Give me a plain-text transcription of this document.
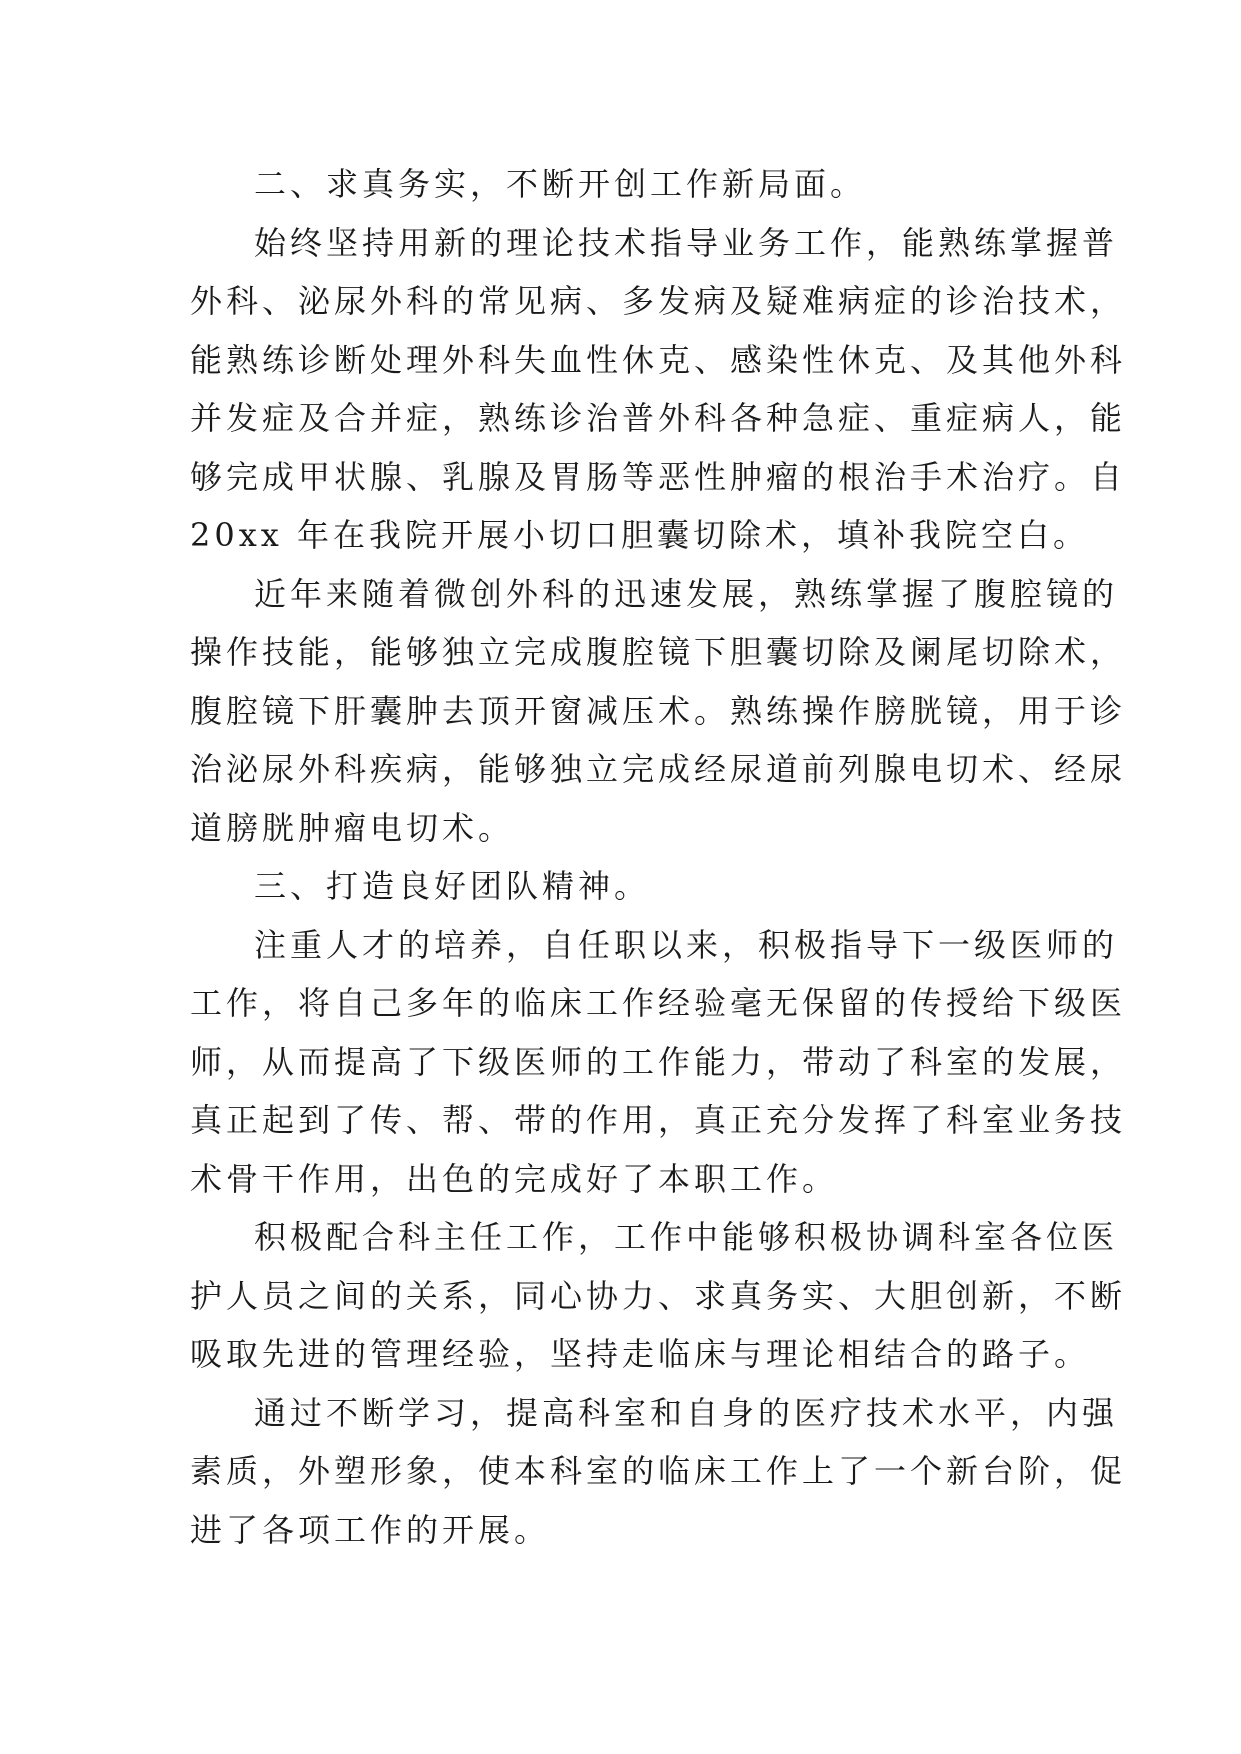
二、求真务实，不断开创工作新局面。
始终坚持用新的理论技术指导业务工作，能熟练掌握普
外科、泌尿外科的常见病、多发病及疑难病症的诊治技术，
能熟练诊断处理外科失血性休克、感染性休克、及其他外科
并发症及合并症，熟练诊治普外科各种急症、重症病人，能
够完成甲状腺、乳腺及胃肠等恶性肿瘤的根治手术治疗。自
20xx 年在我院开展小切口胆囊切除术，填补我院空白。
近年来随着微创外科的迅速发展，熟练掌握了腹腔镜的
操作技能，能够独立完成腹腔镜下胆囊切除及阑尾切除术，
腹腔镜下肝囊肿去顶开窗减压术。熟练操作膀胱镜，用于诊
治泌尿外科疾病，能够独立完成经尿道前列腺电切术、经尿
道膀胱肿瘤电切术。
三、打造良好团队精神。
注重人才的培养，自任职以来，积极指导下一级医师的
工作，将自己多年的临床工作经验毫无保留的传授给下级医
师，从而提高了下级医师的工作能力，带动了科室的发展，
真正起到了传、帮、带的作用，真正充分发挥了科室业务技
术骨干作用，出色的完成好了本职工作。
积极配合科主任工作，工作中能够积极协调科室各位医
护人员之间的关系，同心协力、求真务实、大胆创新，不断
吸取先进的管理经验，坚持走临床与理论相结合的路子。
通过不断学习，提高科室和自身的医疗技术水平，内强
素质，外塑形象，使本科室的临床工作上了一个新台阶，促
进了各项工作的开展。
